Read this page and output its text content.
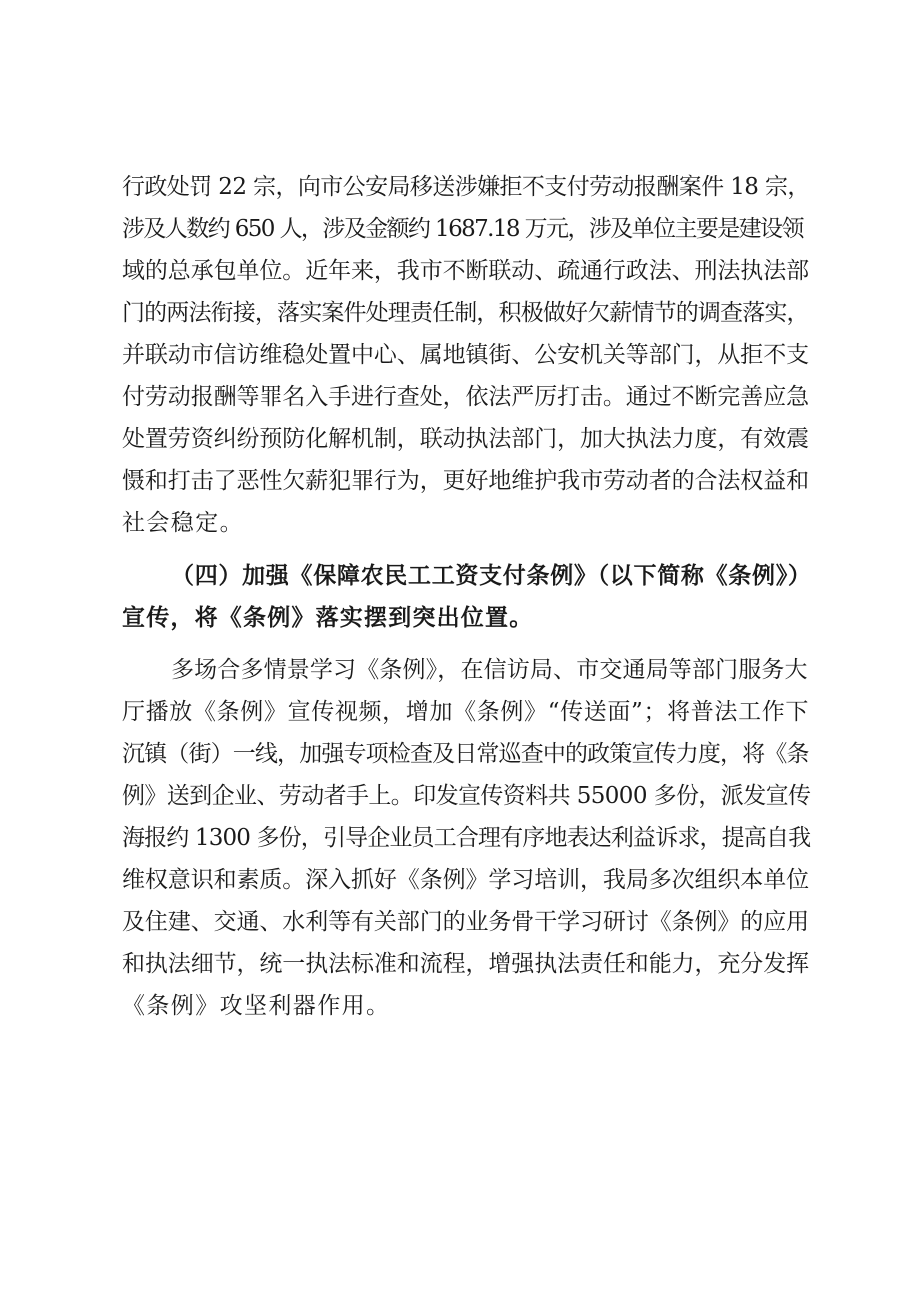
行政处罚 22 宗，向市公安局移送涉嫌拒不支付劳动报酬案件 18 宗，
涉及人数约 650 人，涉及金额约 1687.18 万元，涉及单位主要是建设领
域的总承包单位。近年来，我市不断联动、疏通行政法、刑法执法部
门的两法衔接，落实案件处理责任制，积极做好欠薪情节的调查落实，
并联动市信访维稳处置中心、属地镇街、公安机关等部门，从拒不支
付劳动报酬等罪名入手进行查处，依法严厉打击。通过不断完善应急
处置劳资纠纷预防化解机制，联动执法部门，加大执法力度，有效震
慑和打击了恶性欠薪犯罪行为，更好地维护我市劳动者的合法权益和
社会稳定。
（四）加强《保障农民工工资支付条例》（以下简称《条例》）
宣传，将《条例》落实摆到突出位置。
多场合多情景学习《条例》，在信访局、市交通局等部门服务大
厅播放《条例》宣传视频，增加《条例》“传送面”；将普法工作下
沉镇（街）一线，加强专项检查及日常巡查中的政策宣传力度，将《条
例》送到企业、劳动者手上。印发宣传资料共 55000 多份，派发宣传
海报约 1300 多份，引导企业员工合理有序地表达利益诉求，提高自我
维权意识和素质。深入抓好《条例》学习培训，我局多次组织本单位
及住建、交通、水利等有关部门的业务骨干学习研讨《条例》的应用
和执法细节，统一执法标准和流程，增强执法责任和能力，充分发挥
《条例》攻坚利器作用。
